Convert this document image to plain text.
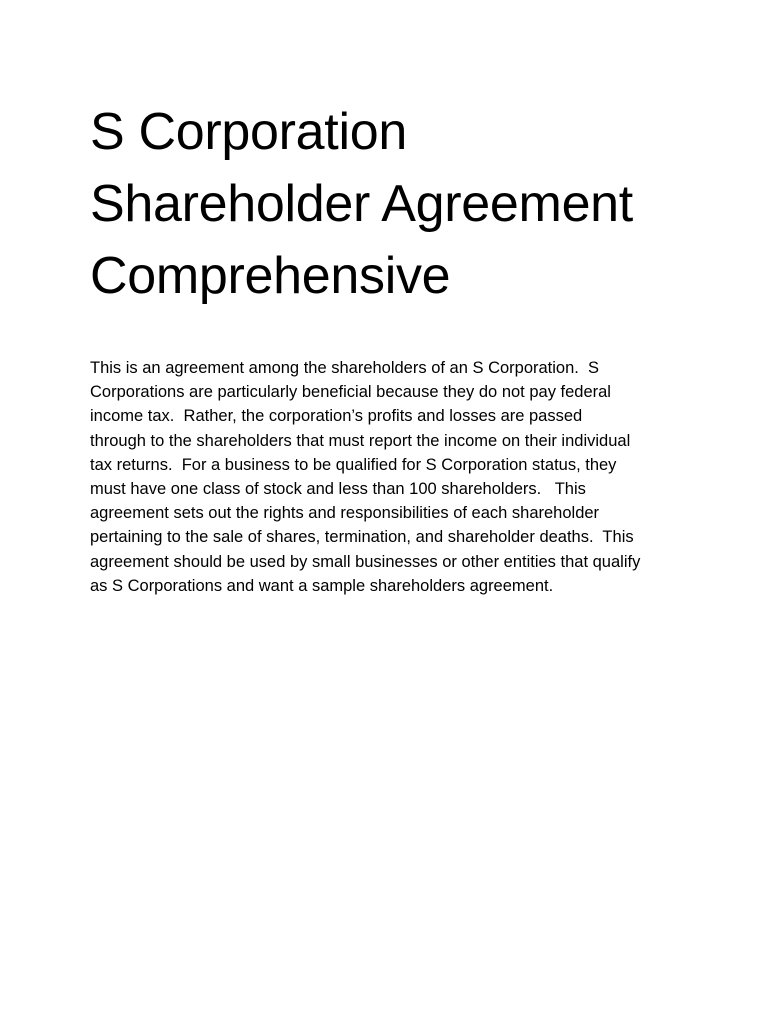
S Corporation
Shareholder Agreement
Comprehensive

This is an agreement among the shareholders of an S Corporation.  S
Corporations are particularly beneficial because they do not pay federal
income tax.  Rather, the corporation’s profits and losses are passed
through to the shareholders that must report the income on their individual
tax returns.  For a business to be qualified for S Corporation status, they
must have one class of stock and less than 100 shareholders.   This
agreement sets out the rights and responsibilities of each shareholder
pertaining to the sale of shares, termination, and shareholder deaths.  This
agreement should be used by small businesses or other entities that qualify
as S Corporations and want a sample shareholders agreement.
